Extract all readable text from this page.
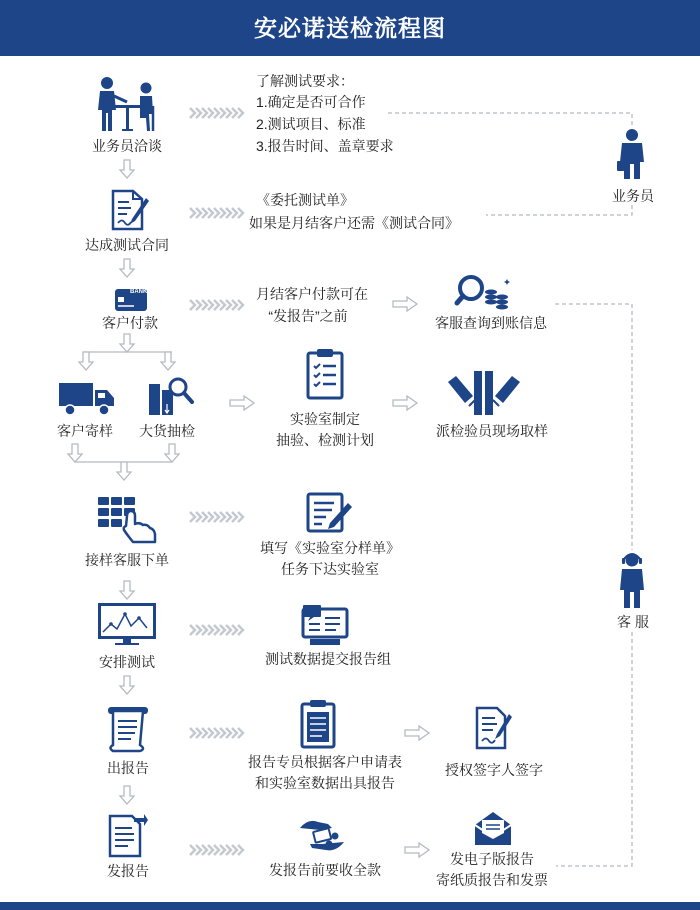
安必诺送检流程图
BANK
业务员洽谈
了解测试要求：
1.确定是否可合作
2.测试项目、标准
3.报告时间、盖章要求
达成测试合同
《委托测试单》
如果是月结客户还需《测试合同》
客户付款
月结客户付款可在
“发报告”之前	客服查询到账信息
客户寄样 大货抽检
实验室制定
抽验、检测计划
派检验员现场取样
接样客服下单
填写《实验室分样单》
任务下达实验室
安排测试	测试数据提交报告组
出报告	报告专员根据客户申请表
和实验室数据出具报告
授权签字人签字
发报告	发报告前要收全款
发电子版报告
寄纸质报告和发票
业务员
客 服
